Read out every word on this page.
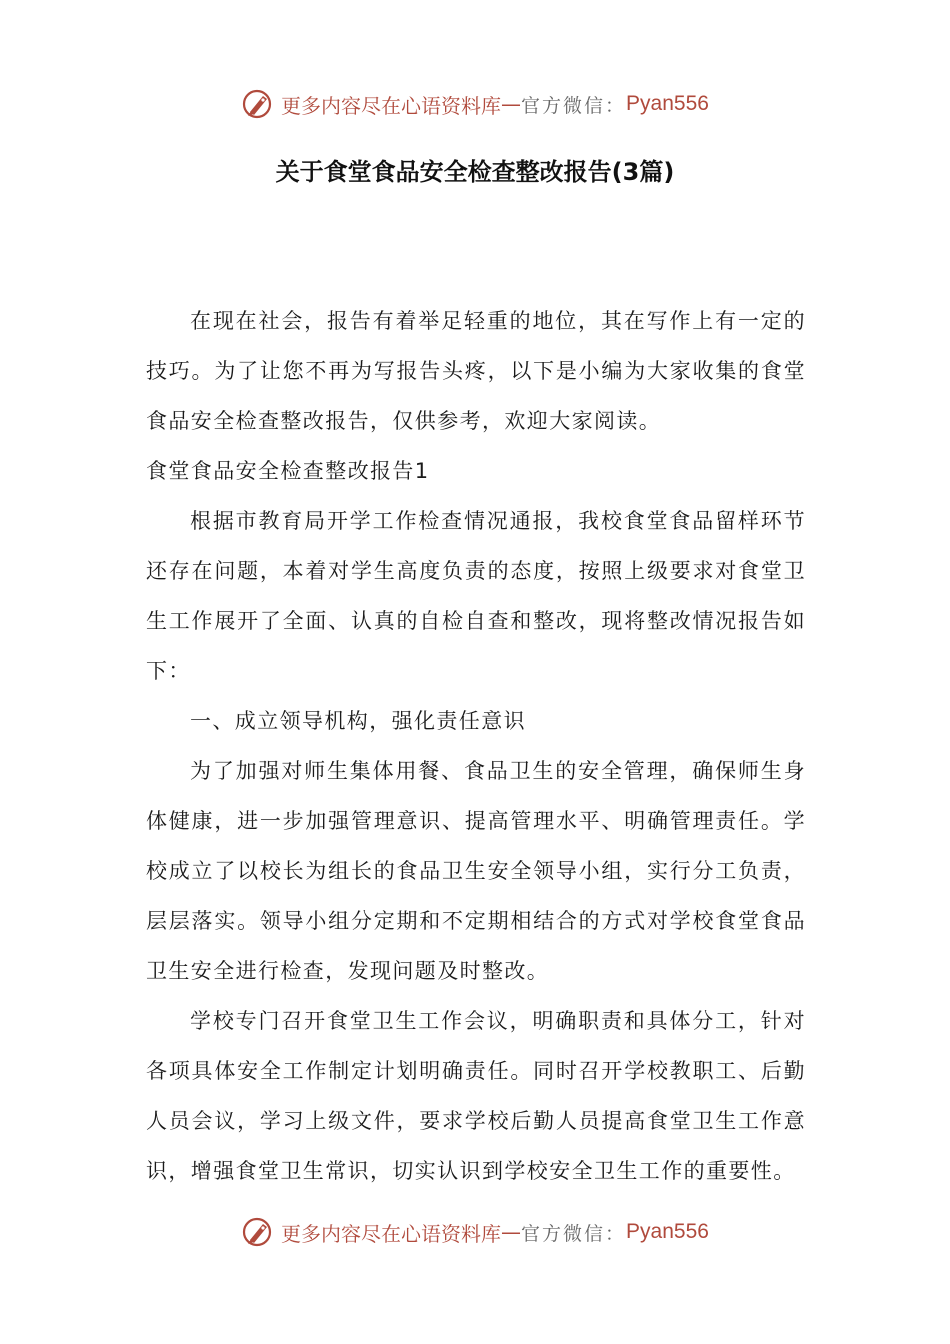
更多内容尽在心语资料库 — 官方微信： Pyan556
关于食堂食品安全检查整改报告(3篇)

在现在社会，报告有着举足轻重的地位，其在写作上有一定的技巧。为了让您不再为写报告头疼，以下是小编为大家收集的食堂食品安全检查整改报告，仅供参考，欢迎大家阅读。

食堂食品安全检查整改报告1

根据市教育局开学工作检查情况通报，我校食堂食品留样环节还存在问题，本着对学生高度负责的态度，按照上级要求对食堂卫生工作展开了全面、认真的自检自查和整改，现将整改情况报告如下：

一、成立领导机构，强化责任意识

为了加强对师生集体用餐、食品卫生的安全管理，确保师生身体健康，进一步加强管理意识、提高管理水平、明确管理责任。学校成立了以校长为组长的食品卫生安全领导小组，实行分工负责，层层落实。领导小组分定期和不定期相结合的方式对学校食堂食品卫生安全进行检查，发现问题及时整改。

学校专门召开食堂卫生工作会议，明确职责和具体分工，针对各项具体安全工作制定计划明确责任。同时召开学校教职工、后勤人员会议，学习上级文件，要求学校后勤人员提高食堂卫生工作意识，增强食堂卫生常识，切实认识到学校安全卫生工作的重要性。

更多内容尽在心语资料库 — 官方微信： Pyan556
